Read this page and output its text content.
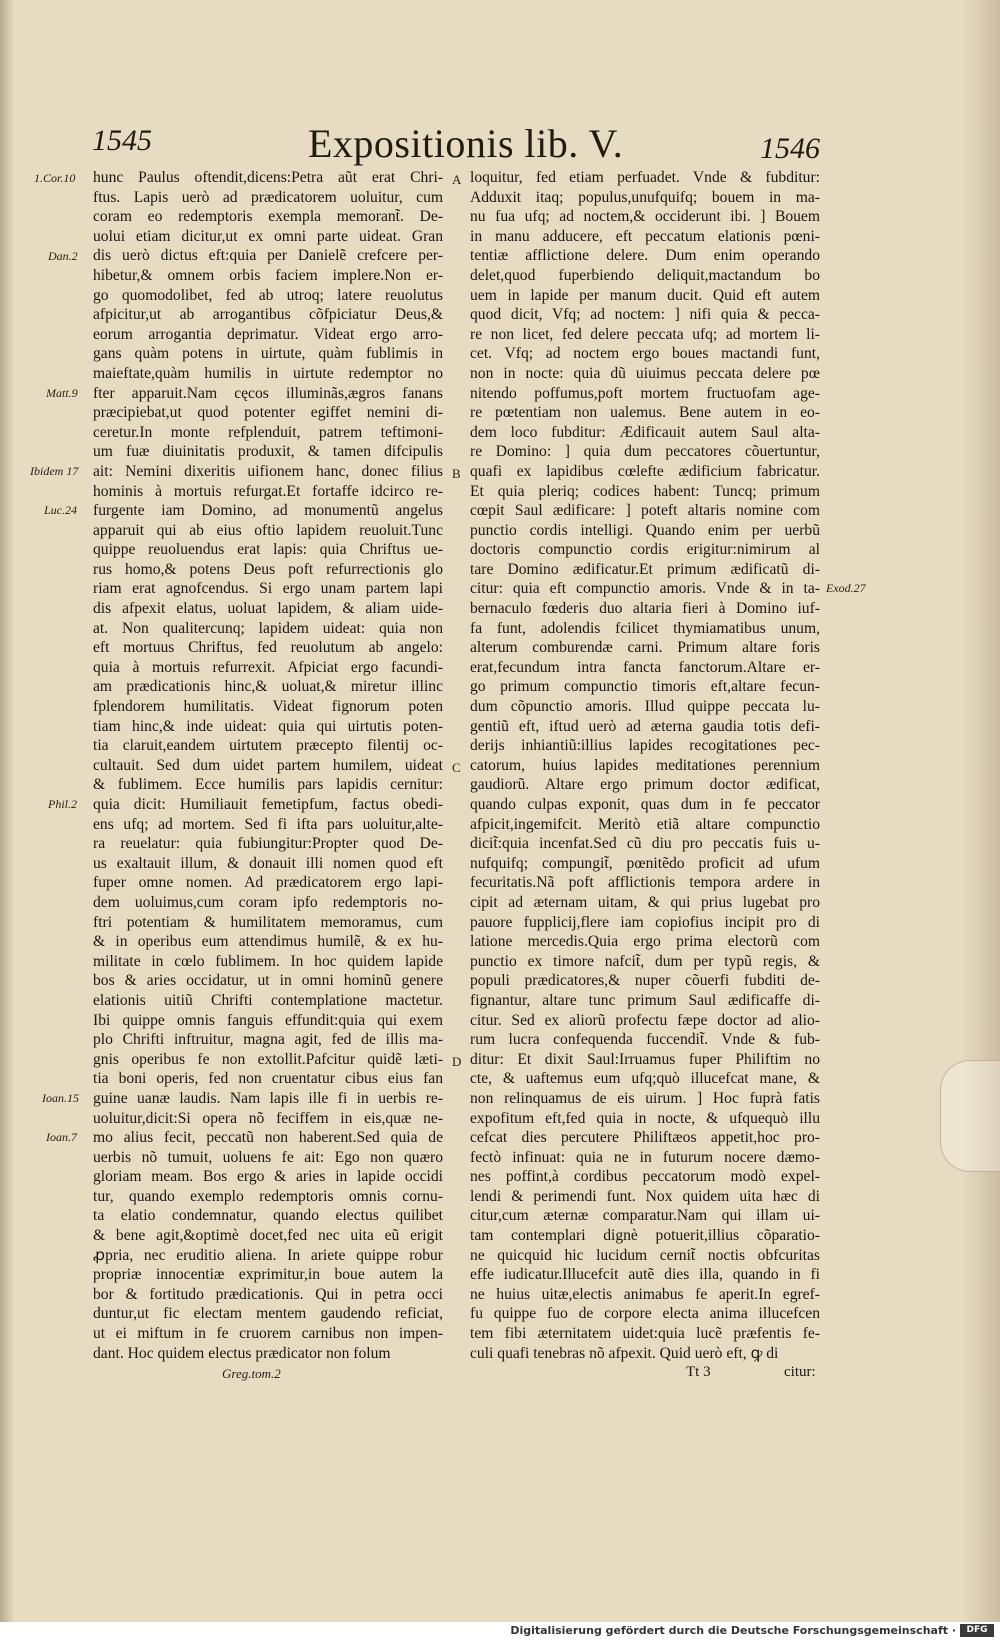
1545	Expositionis lib. V.	1546
hunc Paulus oftendit,dicens:Petra aũt erat Chri-
ftus. Lapis uerò ad prædicatorem uoluitur, cum
coram eo redemptoris exempla memorant̃. De-
uolui etiam dicitur,ut ex omni parte uideat. Gran
dis uerò dictus eft:quia per Danielẽ crefcere per-
hibetur,& omnem orbis faciem implere.Non er-
go quomodolibet, fed ab utroq; latere reuolutus
afpicitur,ut ab arrogantibus cõfpiciatur Deus,&
eorum arrogantia deprimatur. Videat ergo arro-
gans quàm potens in uirtute, quàm fublimis in
maieftate,quàm humilis in uirtute redemptor no
fter apparuit.Nam cęcos illuminãs,ægros fanans
præcipiebat,ut quod potenter egiffet nemini di-
ceretur.In monte refplenduit, patrem teftimoni-
um fuæ diuinitatis produxit, & tamen difcipulis
ait: Nemini dixeritis uifionem hanc, donec filius
hominis à mortuis refurgat.Et fortaffe idcirco re-
furgente iam Domino, ad monumentũ angelus
apparuit qui ab eius oftio lapidem reuoluit.Tunc
quippe reuoluendus erat lapis: quia Chriftus ue-
rus homo,& potens Deus poft refurrectionis glo
riam erat agnofcendus. Si ergo unam partem lapi
dis afpexit elatus, uoluat lapidem, & aliam uide-
at. Non qualitercunq; lapidem uideat: quia non
eft mortuus Chriftus, fed reuolutum ab angelo:
quia à mortuis refurrexit. Afpiciat ergo facundi-
am prædicationis hinc,& uoluat,& miretur illinc
fplendorem humilitatis. Videat fignorum poten
tiam hinc,& inde uideat: quia qui uirtutis poten-
tia claruit,eandem uirtutem præcepto filentij oc-
cultauit. Sed dum uidet partem humilem, uideat
& fublimem. Ecce humilis pars lapidis cernitur:
quia dicit: Humiliauit femetipfum, factus obedi-
ens ufq; ad mortem. Sed fi ifta pars uoluitur,alte-
ra reuelatur: quia fubiungitur:Propter quod De-
us exaltauit illum, & donauit illi nomen quod eft
fuper omne nomen. Ad prædicatorem ergo lapi-
dem uoluimus,cum coram ipfo redemptoris no-
ftri potentiam & humilitatem memoramus, cum
& in operibus eum attendimus humilẽ, & ex hu-
militate in cœlo fublimem. In hoc quidem lapide
bos & aries occidatur, ut in omni hominũ genere
elationis uitiũ Chrifti contemplatione mactetur.
Ibi quippe omnis fanguis effundit:quia qui exem
plo Chrifti inftruitur, magna agit, fed de illis ma-
gnis operibus fe non extollit.Pafcitur quidẽ læti-
tia boni operis, fed non cruentatur cibus eius fan
guine uanæ laudis. Nam lapis ille fi in uerbis re-
uoluitur,dicit:Si opera nõ feciffem in eis,quæ ne-
mo alius fecit, peccatũ non haberent.Sed quia de
uerbis nõ tumuit, uoluens fe ait: Ego non quæro
gloriam meam. Bos ergo & aries in lapide occidi
tur, quando exemplo redemptoris omnis cornu-
ta elatio condemnatur, quando electus quilibet
& bene agit,&optimè docet,fed nec uita eũ erigit
ꝓpria, nec eruditio aliena. In ariete quippe robur
propriæ innocentiæ exprimitur,in boue autem la
bor & fortitudo prædicationis. Qui in petra occi
duntur,ut fic electam mentem gaudendo reficiat,
ut ei miftum in fe cruorem carnibus non impen-
dant. Hoc quidem electus prædicator non folum
loquitur, fed etiam perfuadet. Vnde & fubditur:
Adduxit itaq; populus,unufquifq; bouem in ma-
nu fua ufq; ad noctem,& occiderunt ibi. ] Bouem
in manu adducere, eft peccatum elationis pœni-
tentiæ afflictione delere. Dum enim operando
delet,quod fuperbiendo deliquit,mactandum bo
uem in lapide per manum ducit. Quid eft autem
quod dicit, Vfq; ad noctem: ] nifi quia & pecca-
re non licet, fed delere peccata ufq; ad mortem li-
cet. Vfq; ad noctem ergo boues mactandi funt,
non in nocte: quia dũ uiuimus peccata delere pœ
nitendo poffumus,poft mortem fructuofam age-
re pœtentiam non ualemus. Bene autem in eo-
dem loco fubditur: Ædificauit autem Saul alta-
re Domino: ] quia dum peccatores cõuertuntur,
quafi ex lapidibus cœlefte ædificium fabricatur.
Et quia pleriq; codices habent: Tuncq; primum
cœpit Saul ædificare: ] poteft altaris nomine com
punctio cordis intelligi. Quando enim per uerbũ
doctoris compunctio cordis erigitur:nimirum al
tare Domino ædificatur.Et primum ædificatũ di-
citur: quia eft compunctio amoris. Vnde & in ta-
bernaculo fœderis duo altaria fieri à Domino iuf-
fa funt, adolendis fcilicet thymiamatibus unum,
alterum comburendæ carni. Primum altare foris
erat,fecundum intra fancta fanctorum.Altare er-
go primum compunctio timoris eft,altare fecun-
dum cõpunctio amoris. Illud quippe peccata lu-
gentiũ eft, iftud uerò ad æterna gaudia totis defi-
derijs inhiantiũ:illius lapides recogitationes pec-
catorum, huius lapides meditationes perennium
gaudiorũ. Altare ergo primum doctor ædificat,
quando culpas exponit, quas dum in fe peccator
afpicit,ingemifcit. Meritò etiã altare compunctio
dicit̃:quia incenfat.Sed cũ diu pro peccatis fuis u-
nufquifq; compungit̃, pœnitẽdo proficit ad ufum
fecuritatis.Nã poft afflictionis tempora ardere in
cipit ad æternam uitam, & qui prius lugebat pro
pauore fupplicij,flere iam copiofius incipit pro di
latione mercedis.Quia ergo prima electorũ com
punctio ex timore nafcit̃, dum per typũ regis, &
populi prædicatores,& nuper cõuerfi fubditi de-
fignantur, altare tunc primum Saul ædificaffe di-
citur. Sed ex aliorũ profectu fæpe doctor ad alio-
rum lucra confequenda fuccendit̃. Vnde & fub-
ditur: Et dixit Saul:Irruamus fuper Philiftim no
cte, & uaftemus eum ufq;quò illucefcat mane, &
non relinquamus de eis uirum. ] Hoc fuprà fatis
expofitum eft,fed quia in nocte, & ufquequò illu
cefcat dies percutere Philiftæos appetit,hoc pro-
fectò infinuat: quia ne in futurum nocere dæmo-
nes poffint,à cordibus peccatorum modò expel-
lendi & perimendi funt. Nox quidem uita hæc di
citur,cum æternæ comparatur.Nam qui illam ui-
tam contemplari dignè potuerit,illius cõparatio-
ne quicquid hic lucidum cernit̃ noctis obfcuritas
effe iudicatur.Illucefcit autẽ dies illa, quando in fi
ne huius uitæ,electis animabus fe aperit.In egref-
fu quippe fuo de corpore electa anima illucefcen
tem fibi æternitatem uidet:quia lucẽ præfentis fe-
culi quafi tenebras nõ afpexit. Quid uerò eft, ꝙ di
1.Cor.10
Dan.2
Matt.9
Ibidem 17
Luc.24
Phil.2
Ioan.15
Ioan.7
Exod.27
A
B
C
D
Greg.tom.2	Tt 3	citur:
Digitalisierung gefördert durch die Deutsche Forschungsgemeinschaft ·	DFG
